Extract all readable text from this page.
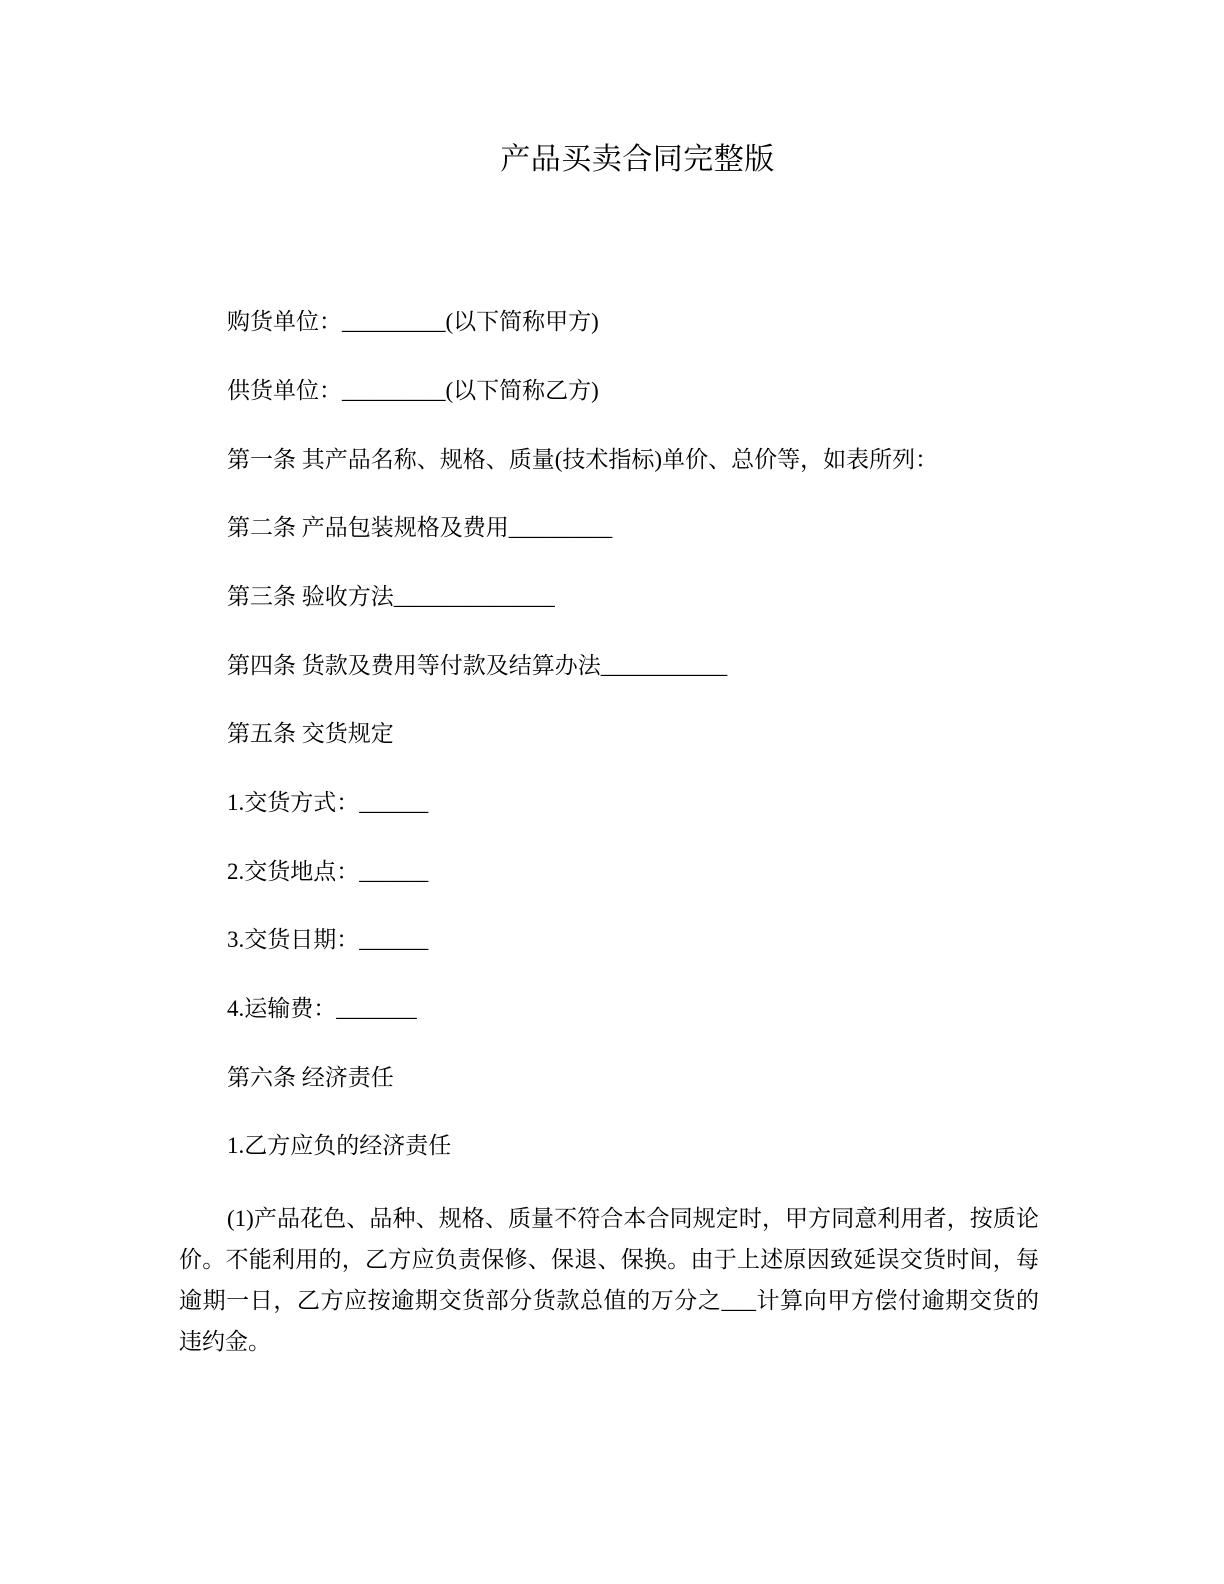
产品买卖合同完整版

购货单位：_________(以下简称甲方)

供货单位：_________(以下简称乙方)

第一条 其产品名称、规格、质量(技术指标)单价、总价等，如表所列：

第二条 产品包装规格及费用_________

第三条 验收方法______________

第四条 货款及费用等付款及结算办法___________

第五条 交货规定

1.交货方式：______

2.交货地点：______

3.交货日期：______

4.运输费：_______

第六条 经济责任

1.乙方应负的经济责任

(1)产品花色、品种、规格、质量不符合本合同规定时，甲方同意利用者，按质论价。不能利用的，乙方应负责保修、保退、保换。由于上述原因致延误交货时间，每逾期一日，乙方应按逾期交货部分货款总值的万分之___计算向甲方偿付逾期交货的违约金。
